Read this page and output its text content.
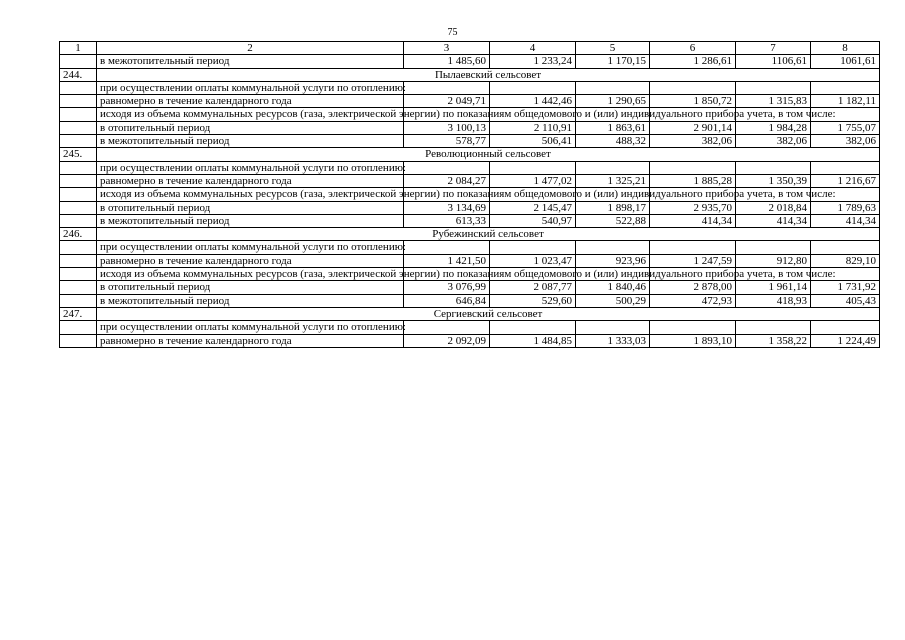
75
1	2	3	4	5	6	7	8
	в межотопительный период	1 485,60	1 233,24	1 170,15	1 286,61	1106,61	1061,61
244.	Пылаевский сельсовет						
	при осуществлении оплаты коммунальной услуги по отоплению:						
	равномерно в течение календарного года	2 049,71	1 442,46	1 290,65	1 850,72	1 315,83	1 182,11
	исходя из объема коммунальных ресурсов (газа, электрической энергии) по показаниям общедомового и (или) индивидуального прибора учета, в том числе:						
	в отопительный период	3 100,13	2 110,91	1 863,61	2 901,14	1 984,28	1 755,07
	в межотопительный период	578,77	506,41	488,32	382,06	382,06	382,06
245.	Революционный сельсовет						
	при осуществлении оплаты коммунальной услуги по отоплению:						
	равномерно в течение календарного года	2 084,27	1 477,02	1 325,21	1 885,28	1 350,39	1 216,67
	исходя из объема коммунальных ресурсов (газа, электрической энергии) по показаниям общедомового и (или) индивидуального прибора учета, в том числе:						
	в отопительный период	3 134,69	2 145,47	1 898,17	2 935,70	2 018,84	1 789,63
	в межотопительный период	613,33	540,97	522,88	414,34	414,34	414,34
246.	Рубежинский сельсовет						
	при осуществлении оплаты коммунальной услуги по отоплению:						
	равномерно в течение календарного года	1 421,50	1 023,47	923,96	1 247,59	912,80	829,10
	исходя из объема коммунальных ресурсов (газа, электрической энергии) по показаниям общедомового и (или) индивидуального прибора учета, в том числе:						
	в отопительный период	3 076,99	2 087,77	1 840,46	2 878,00	1 961,14	1 731,92
	в межотопительный период	646,84	529,60	500,29	472,93	418,93	405,43
247.	Сергиевский сельсовет						
	при осуществлении оплаты коммунальной услуги по отоплению:						
	равномерно в течение календарного года	2 092,09	1 484,85	1 333,03	1 893,10	1 358,22	1 224,49
